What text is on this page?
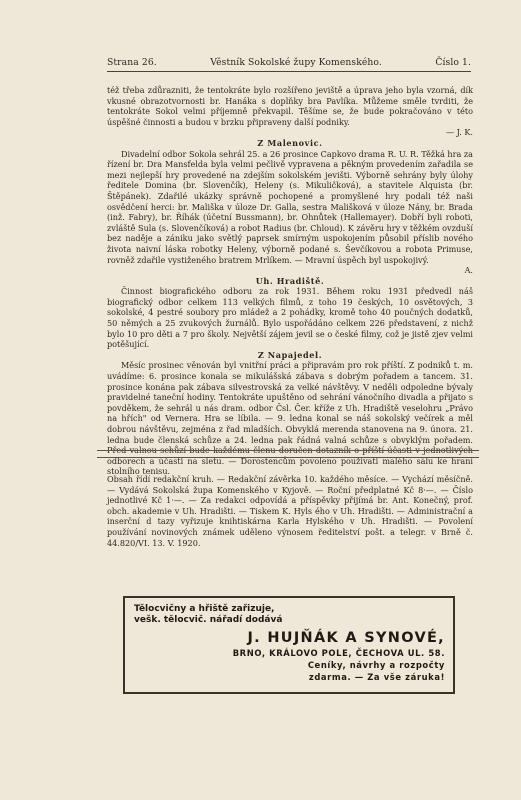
Strana 26.	Věstník Sokolské župy Komenského.	Číslo 1.

též třeba zdůrazniti, že tentokráte bylo rozšířeno jeviště a úprava jeho byla vzorná, dík vkusné obrazotvornosti br. Hanáka s doplňky bra Pavlíka. Můžeme směle tvrditi, že tentokráte Sokol velmi příjemně překvapil. Těšíme se, že bude pokračováno v této úspěšné činnosti a budou v brzku připraveny další podniky.

— J. K.

Z Malenovic.

Divadelní odbor Sokola sehrál 25. a 26 prosince Capkovo drama R. U. R. Těžká hra za řízení br. Dra Mansfelda byla velmi pečlivě vypravena a pěkným provedením zařadila se mezi nejlepší hry provedené na zdejším sokolském jevišti. Výborně sehrány byly úlohy ředitele Domina (br. Slovenčík), Heleny (s. Mikuličková), a stavitele Alquista (br. Štěpánek). Zdařilé ukázky správně pochopené a promyšlené hry podali též naši osvědčení herci: br. Mališka v úloze Dr. Galla, sestra Mališková v úloze Nány, br. Brada (inž. Fabry), br. Říhák (účetní Bussmann), br. Ohnůtek (Hallemayer). Dobří byli roboti, zvláště Sula (s. Slovenčíková) a robot Radius (br. Chloud). K závěru hry v těžkém ovzduší bez naděje a zániku jako světlý paprsek smírným uspokojením působil příslib nového života naivní láska robotky Heleny, výborně podané s. Ševčíkovou a robota Primuse, rovněž zdařile vystiženého bratrem Mrlíkem. — Mravní úspěch byl uspokojivý.

A.

Uh. Hradiště.

Činnost biografického odboru za rok 1931. Během roku 1931 předvedl náš biografický odbor celkem 113 velkých filmů, z toho 19 českých, 10 osvětových, 3 sokolské, 4 pestré soubory pro mládež a 2 pohádky, kromě toho 40 poučných dodatků, 50 němých a 25 zvukových žurnálů. Bylo uspořádáno celkem 226 představení, z nichž bylo 10 pro děti a 7 pro školy. Největší zájem jevil se o české filmy, což je jistě zjev velmi potěšující.

Z Napajedel.

Měsíc prosinec věnován byl vnitřní práci a připravám pro rok příští. Z podniků t. m. uvádíme: 6. prosince konala se mikulášská zábava s dobrým pořadem a tancem. 31. prosince konána pak zábava silvestrovská za velké návštěvy. V neděli odpoledne bývaly pravidelné taneční hodiny. Tentokráte upuštěno od sehrání vánočního divadla a přijato s povděkem, že sehrál u nás dram. odbor Čsl. Čer. kříže z Uh. Hradiště veselohru „Právo na hřích" od Vernera. Hra se líbila. — 9. ledna konal se náš sokolský večírek a měl dobrou návštěvu, zejména z řad mladších. Obvyklá merenda stanovena na 9. února. 21. ledna bude členská schůze a 24. ledna pak řádná valná schůze s obvyklým pořadem. Před valnou schůzí bude každému členu doručen dotazník o příští účasti v jednotlivých odborech a účasti na sletu. — Dorostencům povoleno používati malého sálu ke hraní stolního tenisu.

Obsah řídí redakční kruh. — Redakční závěrka 10. každého měsíce. — Vychází měsíčně. — Vydává Sokolská župa Komenského v Kyjově. — Roční předplatné Kč 8·—. — Číslo jednotlivé Kč 1·—. — Za redakci odpovídá a příspěvky přijímá br. Ant. Konečný, prof. obch. akademie v Uh. Hradišti. — Tiskem K. Hyls ého v Uh. Hradišti. — Administrační a inserční d tazy vyřizuje knihtiskárna Karla Hylského v Uh. Hradišti. — Povolení používání novinových známek uděleno výnosem ředitelství pošt. a telegr. v Brně č. 44.820/VI. 13. V. 1920.

Tělocvičny a hřiště zařizuje,
vešk. tělocvič. nářadí dodává
J. HUJŇÁK A SYNOVÉ,
BRNO, KRÁLOVO POLE, ČECHOVA UL. 58.
Ceníky, návrhy a rozpočty
zdarma. — Za vše záruka!
